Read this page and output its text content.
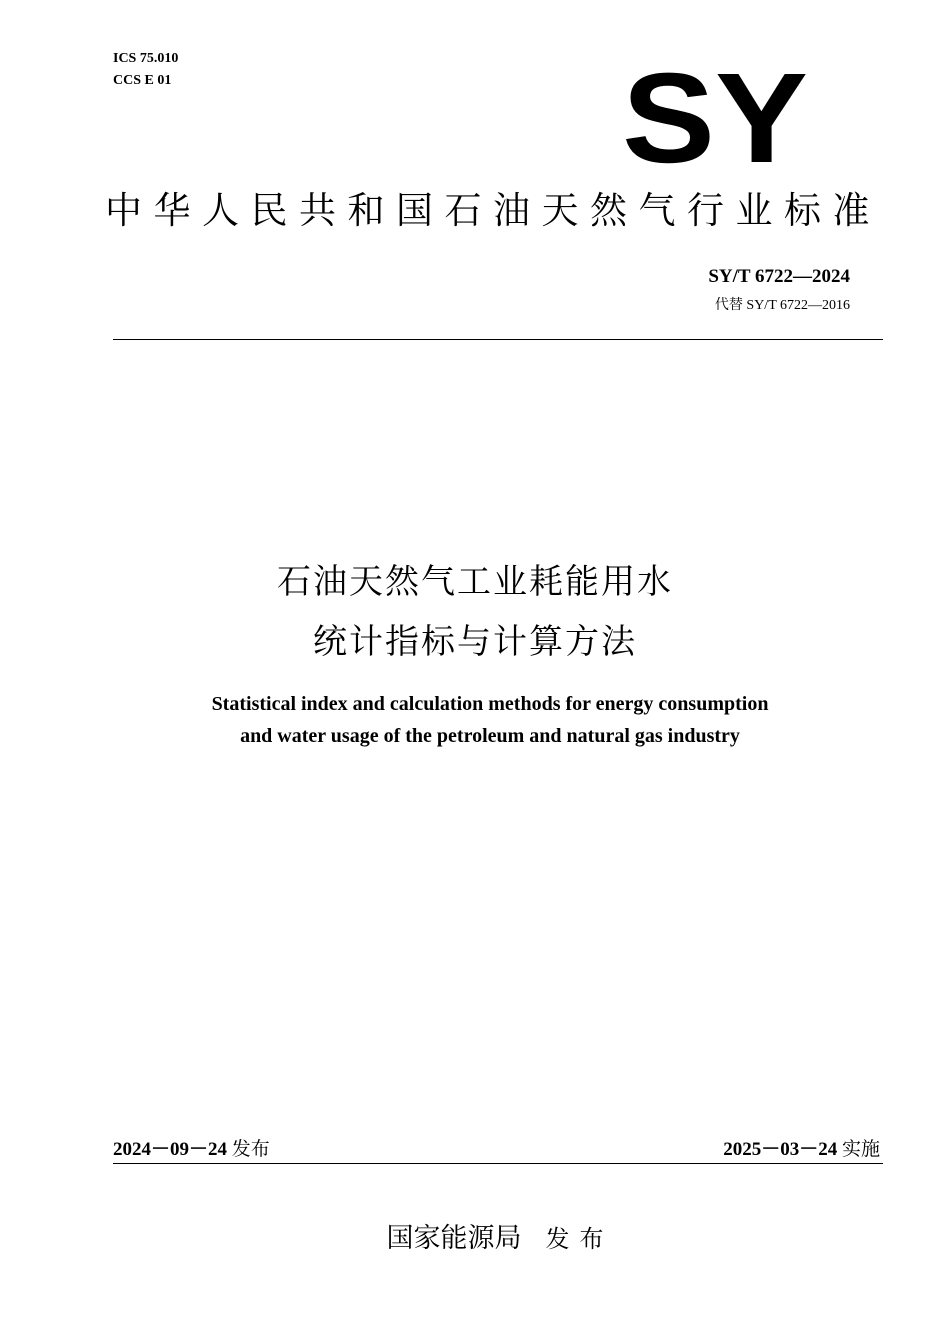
ICS 75.010
CCS E 01	SY
中华人民共和国石油天然气行业标准
SY/T 6722—2024
代替 SY/T 6722—2016
石油天然气工业耗能用水
统计指标与计算方法
Statistical index and calculation methods for energy consumption
and water usage of the petroleum and natural gas industry
2024－09－24 发布	2025－03－24 实施
国家能源局 发布
